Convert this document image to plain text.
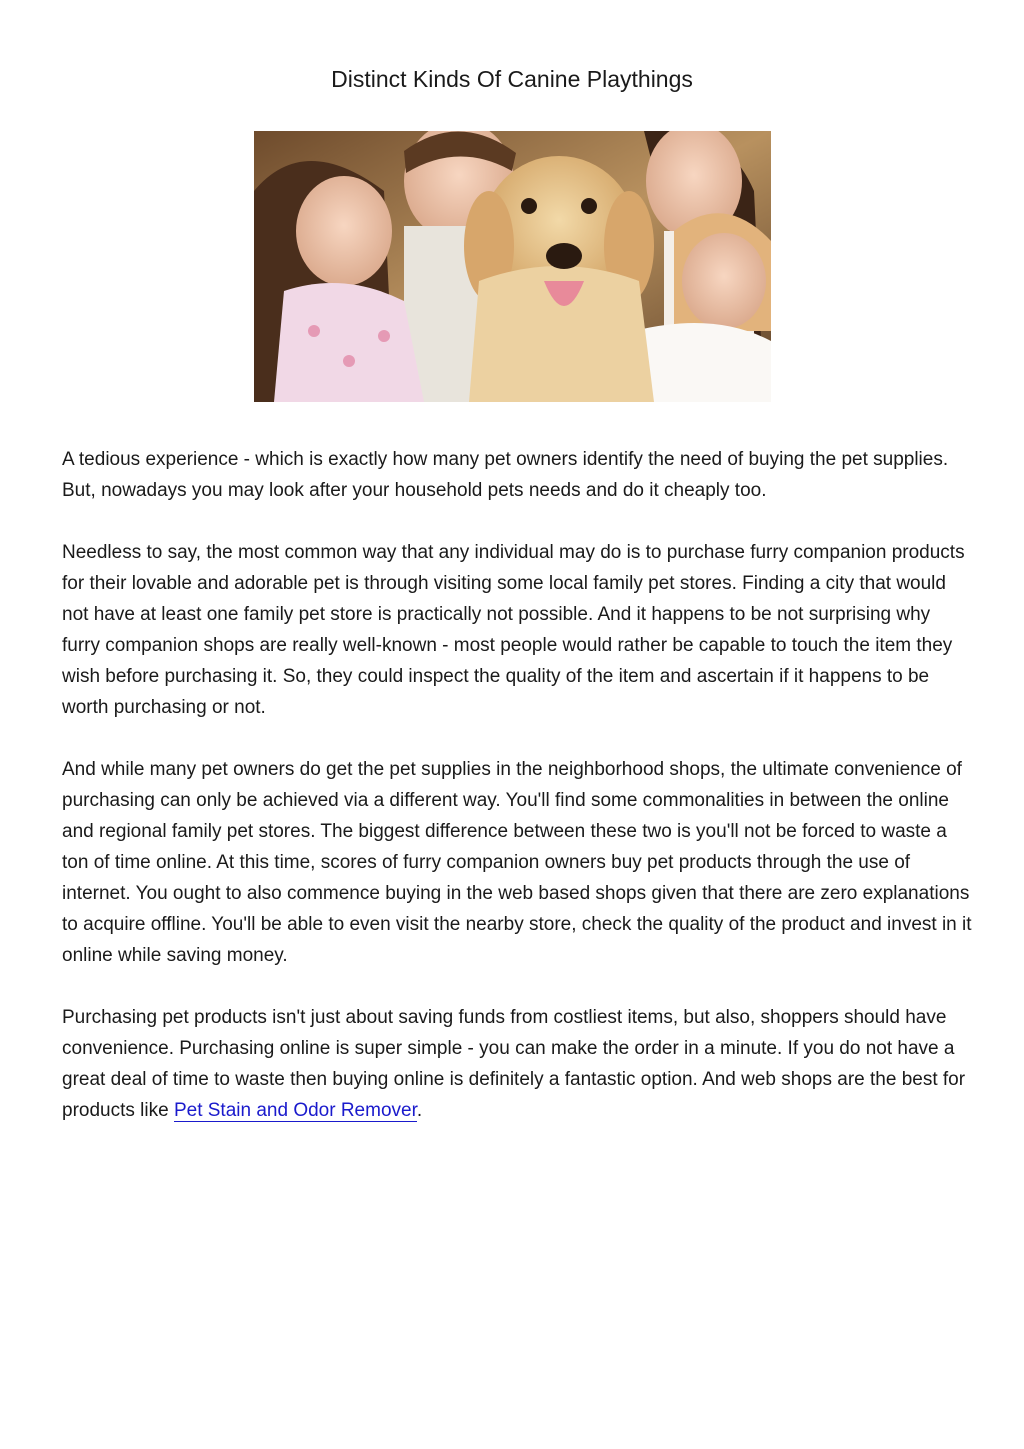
Distinct Kinds Of Canine Playthings

A tedious experience - which is exactly how many pet owners identify the need of buying the pet supplies. But, nowadays you may look after your household pets needs and do it cheaply too.

Needless to say, the most common way that any individual may do is to purchase furry companion products for their lovable and adorable pet is through visiting some local family pet stores. Finding a city that would not have at least one family pet store is practically not possible. And it happens to be not surprising why furry companion shops are really well-known - most people would rather be capable to touch the item they wish before purchasing it. So, they could inspect the quality of the item and ascertain if it happens to be worth purchasing or not.

And while many pet owners do get the pet supplies in the neighborhood shops, the ultimate convenience of purchasing can only be achieved via a different way. You'll find some commonalities in between the online and regional family pet stores. The biggest difference between these two is you'll not be forced to waste a ton of time online. At this time, scores of furry companion owners buy pet products through the use of internet. You ought to also commence buying in the web based shops given that there are zero explanations to acquire offline. You'll be able to even visit the nearby store, check the quality of the product and invest in it online while saving money.

Purchasing pet products isn't just about saving funds from costliest items, but also, shoppers should have convenience. Purchasing online is super simple - you can make the order in a minute. If you do not have a great deal of time to waste then buying online is definitely a fantastic option. And web shops are the best for products like Pet Stain and Odor Remover.
